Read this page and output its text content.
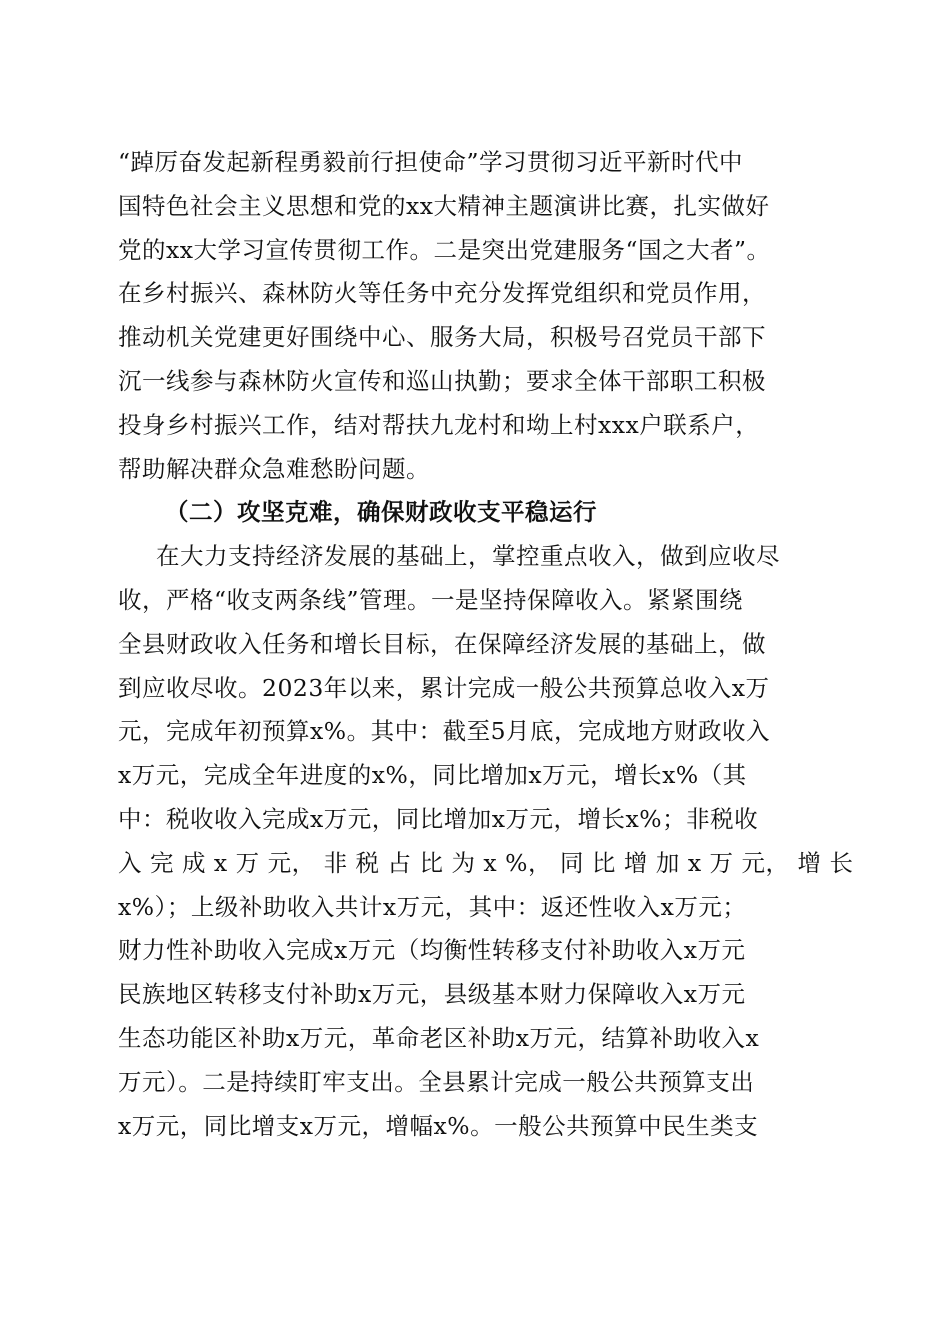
“踔厉奋发起新程勇毅前行担使命”学习贯彻习近平新时代中
国特色社会主义思想和党的xx大精神主题演讲比赛，扎实做好
党的xx大学习宣传贯彻工作。二是突出党建服务“国之大者”。
在乡村振兴、森林防火等任务中充分发挥党组织和党员作用，
推动机关党建更好围绕中心、服务大局，积极号召党员干部下
沉一线参与森林防火宣传和巡山执勤；要求全体干部职工积极
投身乡村振兴工作，结对帮扶九龙村和坳上村xxx户联系户，
帮助解决群众急难愁盼问题。
（二）攻坚克难，确保财政收支平稳运行
在大力支持经济发展的基础上，掌控重点收入，做到应收尽
收，严格“收支两条线”管理。一是坚持保障收入。紧紧围绕
全县财政收入任务和增长目标，在保障经济发展的基础上，做
到应收尽收。2023年以来，累计完成一般公共预算总收入x万
元，完成年初预算x%。其中：截至5月底，完成地方财政收入
x万元，完成全年进度的x%，同比增加x万元，增长x%（其
中：税收收入完成x万元，同比增加x万元，增长x%；非税收
入 完 成 x 万 元， 非 税 占 比 为 x %， 同 比 增 加 x 万 元， 增 长
x%）；上级补助收入共计x万元，其中：返还性收入x万元；
财力性补助收入完成x万元（均衡性转移支付补助收入x万元
民族地区转移支付补助x万元，县级基本财力保障收入x万元
生态功能区补助x万元，革命老区补助x万元，结算补助收入x
万元）。二是持续盯牢支出。全县累计完成一般公共预算支出
x万元，同比增支x万元，增幅x%。一般公共预算中民生类支
